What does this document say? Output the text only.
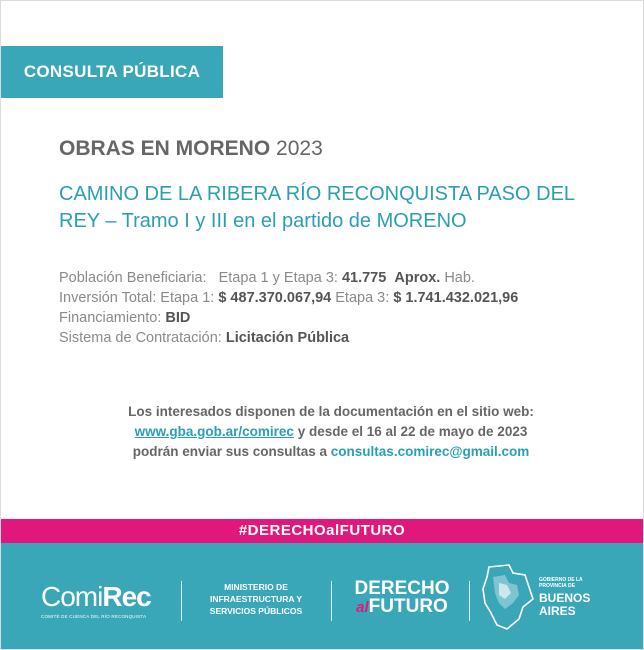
CONSULTA PÚBLICA
OBRAS EN MORENO 2023
CAMINO DE LA RIBERA RÍO RECONQUISTA PASO DEL REY – Tramo I y III en el partido de MORENO
Población Beneficiaria: Etapa 1 y Etapa 3: 41.775 Aprox. Hab.
Inversión Total: Etapa 1: $ 487.370.067,94 Etapa 3: $ 1.741.432.021,96
Financiamiento: BID
Sistema de Contratación: Licitación Pública
Los interesados disponen de la documentación en el sitio web:
www.gba.gob.ar/comirec y desde el 16 al 22 de mayo de 2023
podrán enviar sus consultas a consultas.comirec@gmail.com
#DERECHOalFUTURO
ComiRec
COMITÉ DE CUENCA DEL RÍO RECONQUISTA
MINISTERIO DE
INFRAESTRUCTURA Y
SERVICIOS PÚBLICOS
DERECHO
alFUTURO
GOBIERNO DE LA
PROVINCIA DE
BUENOS
AIRES
